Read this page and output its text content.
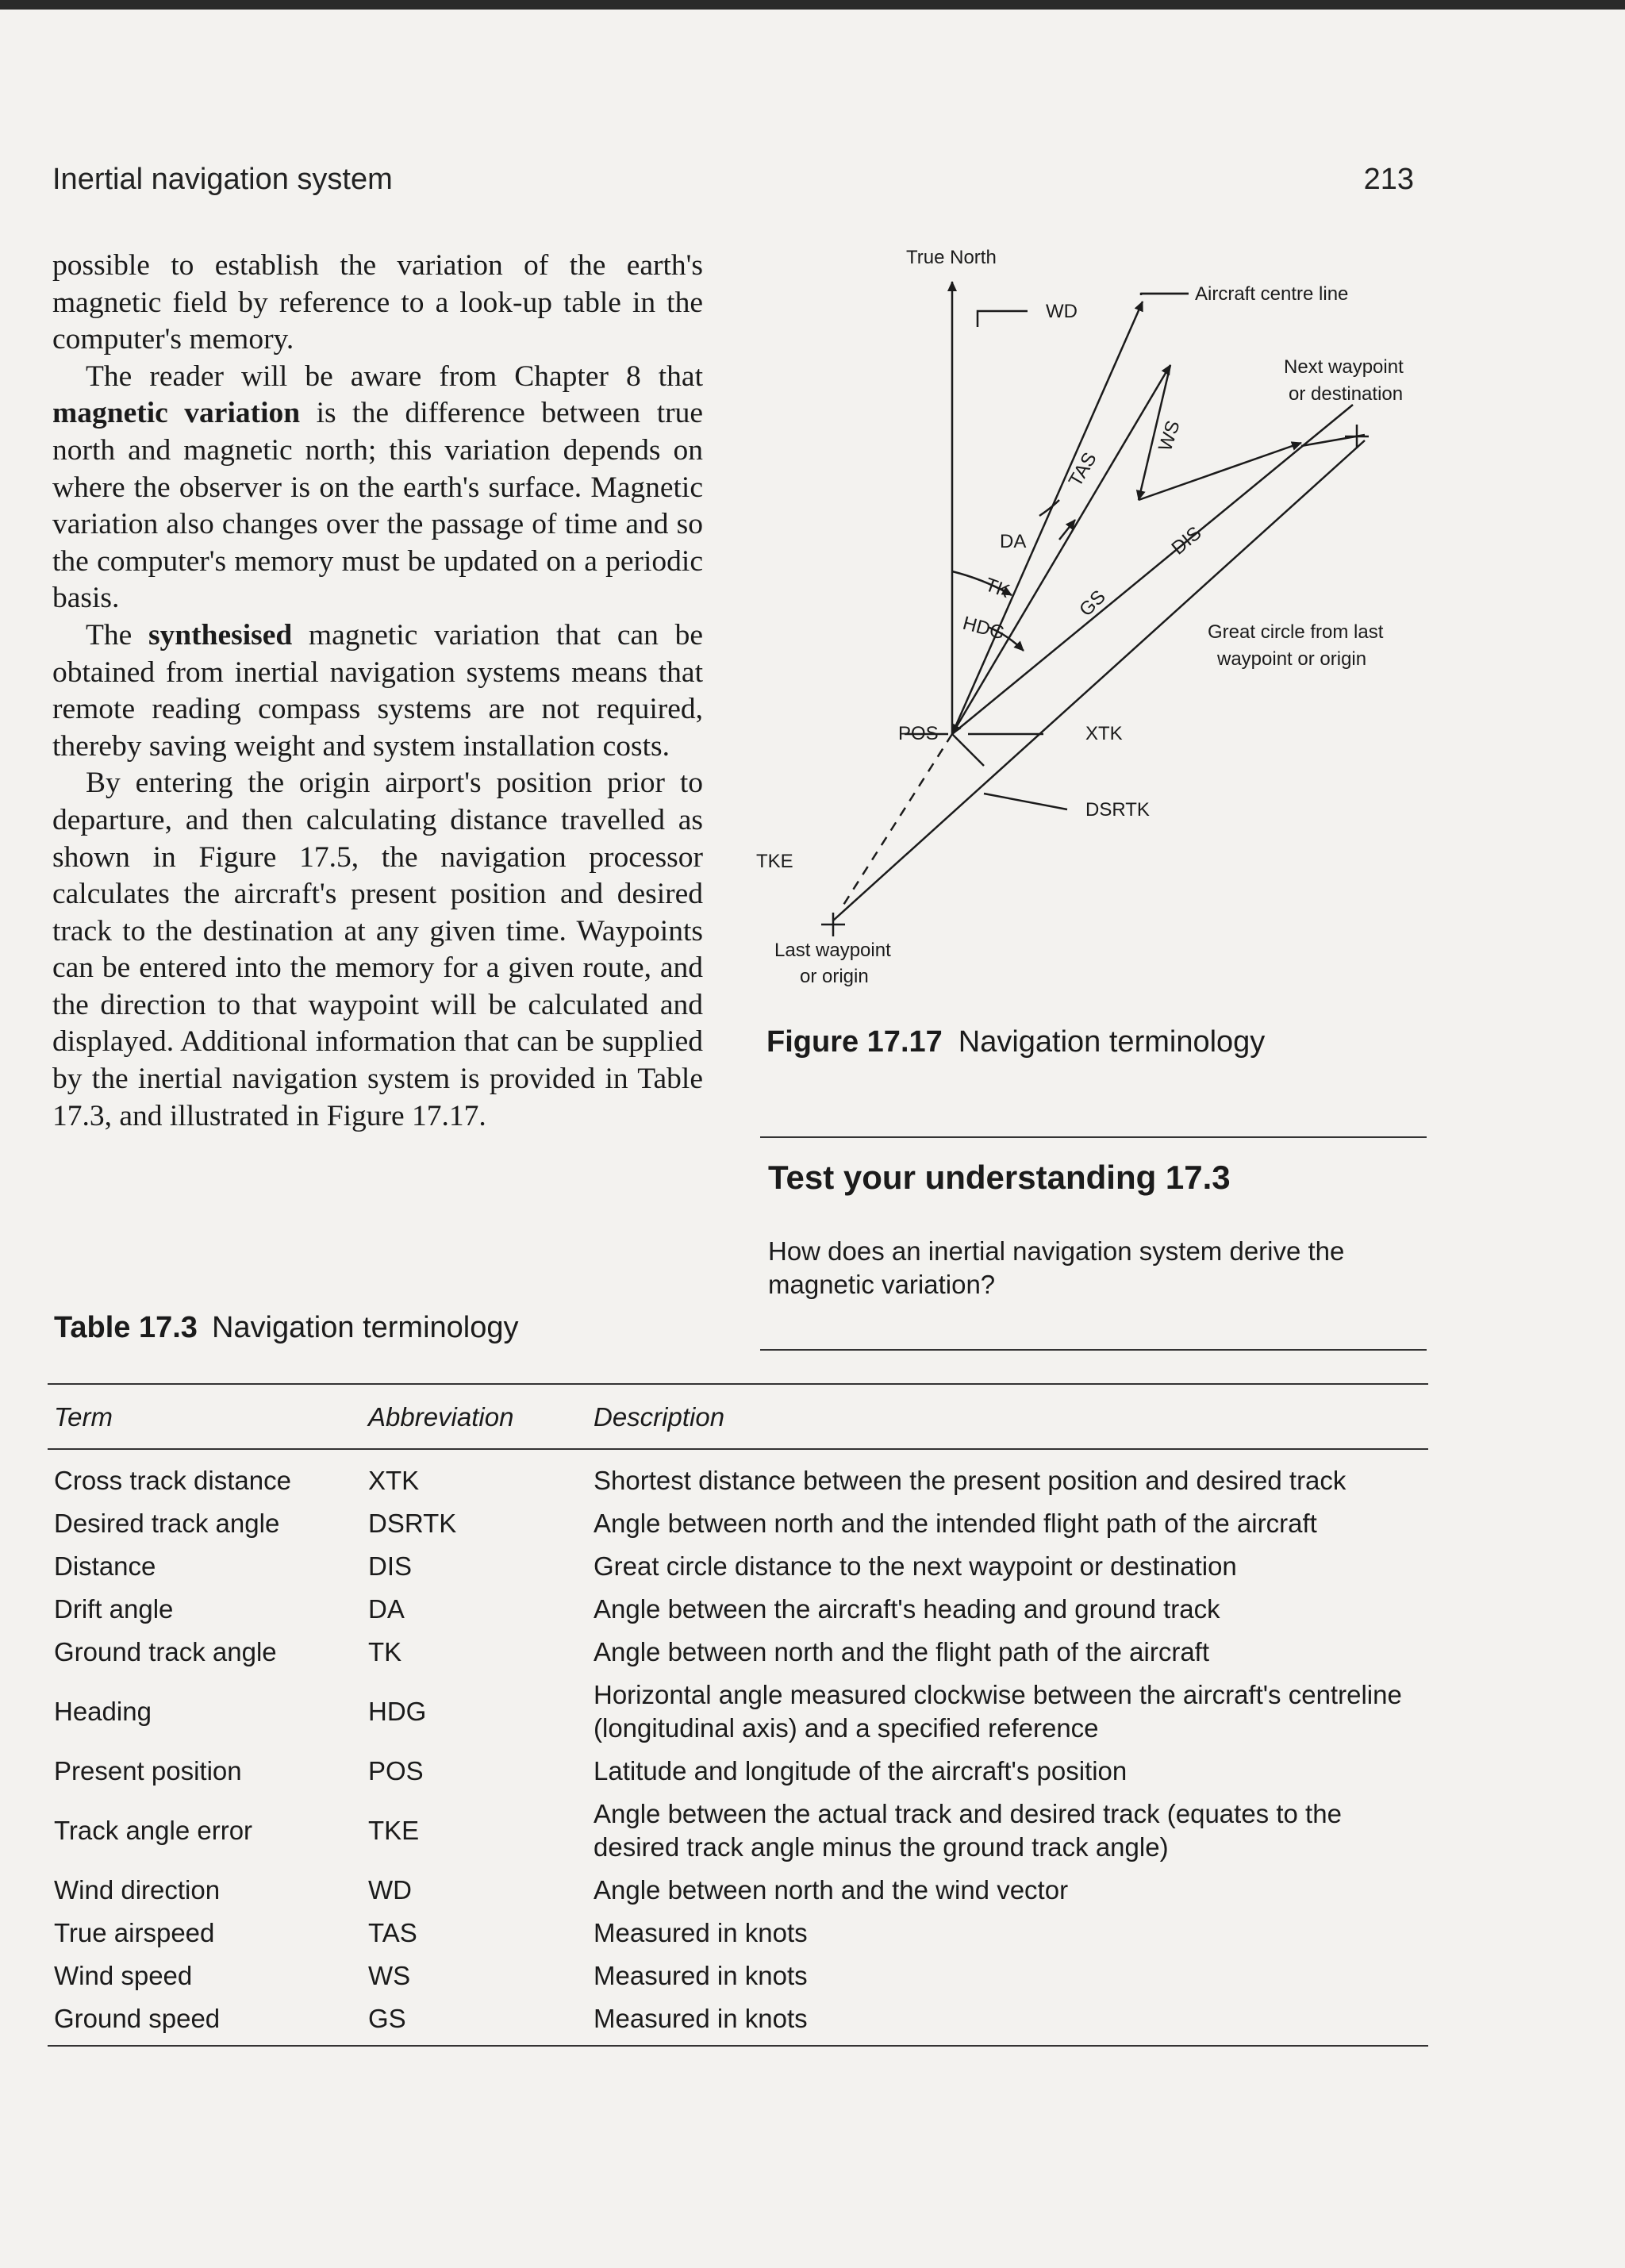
Inertial navigation system	213

possible to establish the variation of the earth's magnetic field by reference to a look-up table in the computer's memory.

The reader will be aware from Chapter 8 that magnetic variation is the difference between true north and magnetic north; this variation depends on where the observer is on the earth's surface. Magnetic variation also changes over the passage of time and so the computer's memory must be updated on a periodic basis.

The synthesised magnetic variation that can be obtained from inertial navigation systems means that remote reading compass systems are not required, thereby saving weight and system installation costs.

By entering the origin airport's position prior to departure, and then calculating distance travelled as shown in Figure 17.5, the navigation processor calculates the aircraft's present position and desired track to the destination at any given time. Waypoints can be entered into the memory for a given route, and the direction to that waypoint will be calculated and displayed. Additional information that can be supplied by the inertial navigation system is provided in Table 17.3, and illustrated in Figure 17.17.

True North
WD
Aircraft centre line
Next waypoint
or destination
WS
TAS
DA	DIS
TK	GS
HDG	Great circle from last
waypoint or origin
POS	XTK
DSRTK
TKE
Last waypoint
or origin
Figure 17.17 Navigation terminology
Test your understanding 17.3
How does an inertial navigation system derive the magnetic variation?
Table 17.3 Navigation terminology
Term	Abbreviation	Description
Cross track distance	XTK	Shortest distance between the present position and desired track
Desired track angle	DSRTK	Angle between north and the intended flight path of the aircraft
Distance	DIS	Great circle distance to the next waypoint or destination
Drift angle	DA	Angle between the aircraft's heading and ground track
Ground track angle	TK	Angle between north and the flight path of the aircraft
Heading	HDG	Horizontal angle measured clockwise between the aircraft's centreline (longitudinal axis) and a specified reference
Present position	POS	Latitude and longitude of the aircraft's position
Track angle error	TKE	Angle between the actual track and desired track (equates to the desired track angle minus the ground track angle)
Wind direction	WD	Angle between north and the wind vector
True airspeed	TAS	Measured in knots
Wind speed	WS	Measured in knots
Ground speed	GS	Measured in knots
